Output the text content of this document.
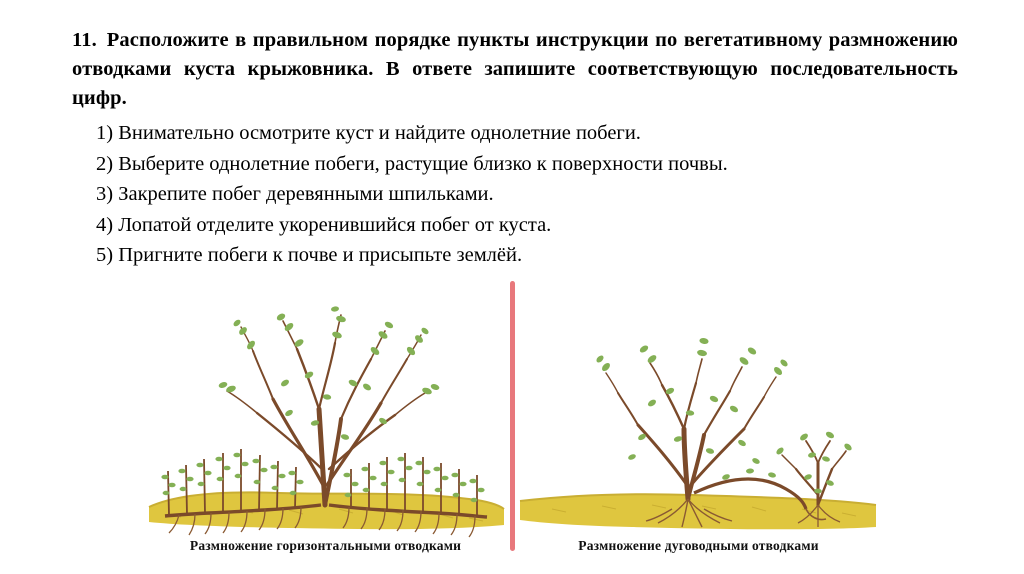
11. Расположите в правильном порядке пункты инструкции по вегетативному размножению отводками куста крыжовника. В ответе запишите соответствующую последовательность цифр.

1) Внимательно осмотрите куст и найдите однолетние побеги.
2) Выберите однолетние побеги, растущие близко к поверхности почвы.
3) Закрепите побег деревянными шпильками.
4) Лопатой отделите укоренившийся побег от куста.
5) Пригните побеги к почве и присыпьте землёй.
Размножение горизонтальными отводками	Размножение дуговодными отводками
